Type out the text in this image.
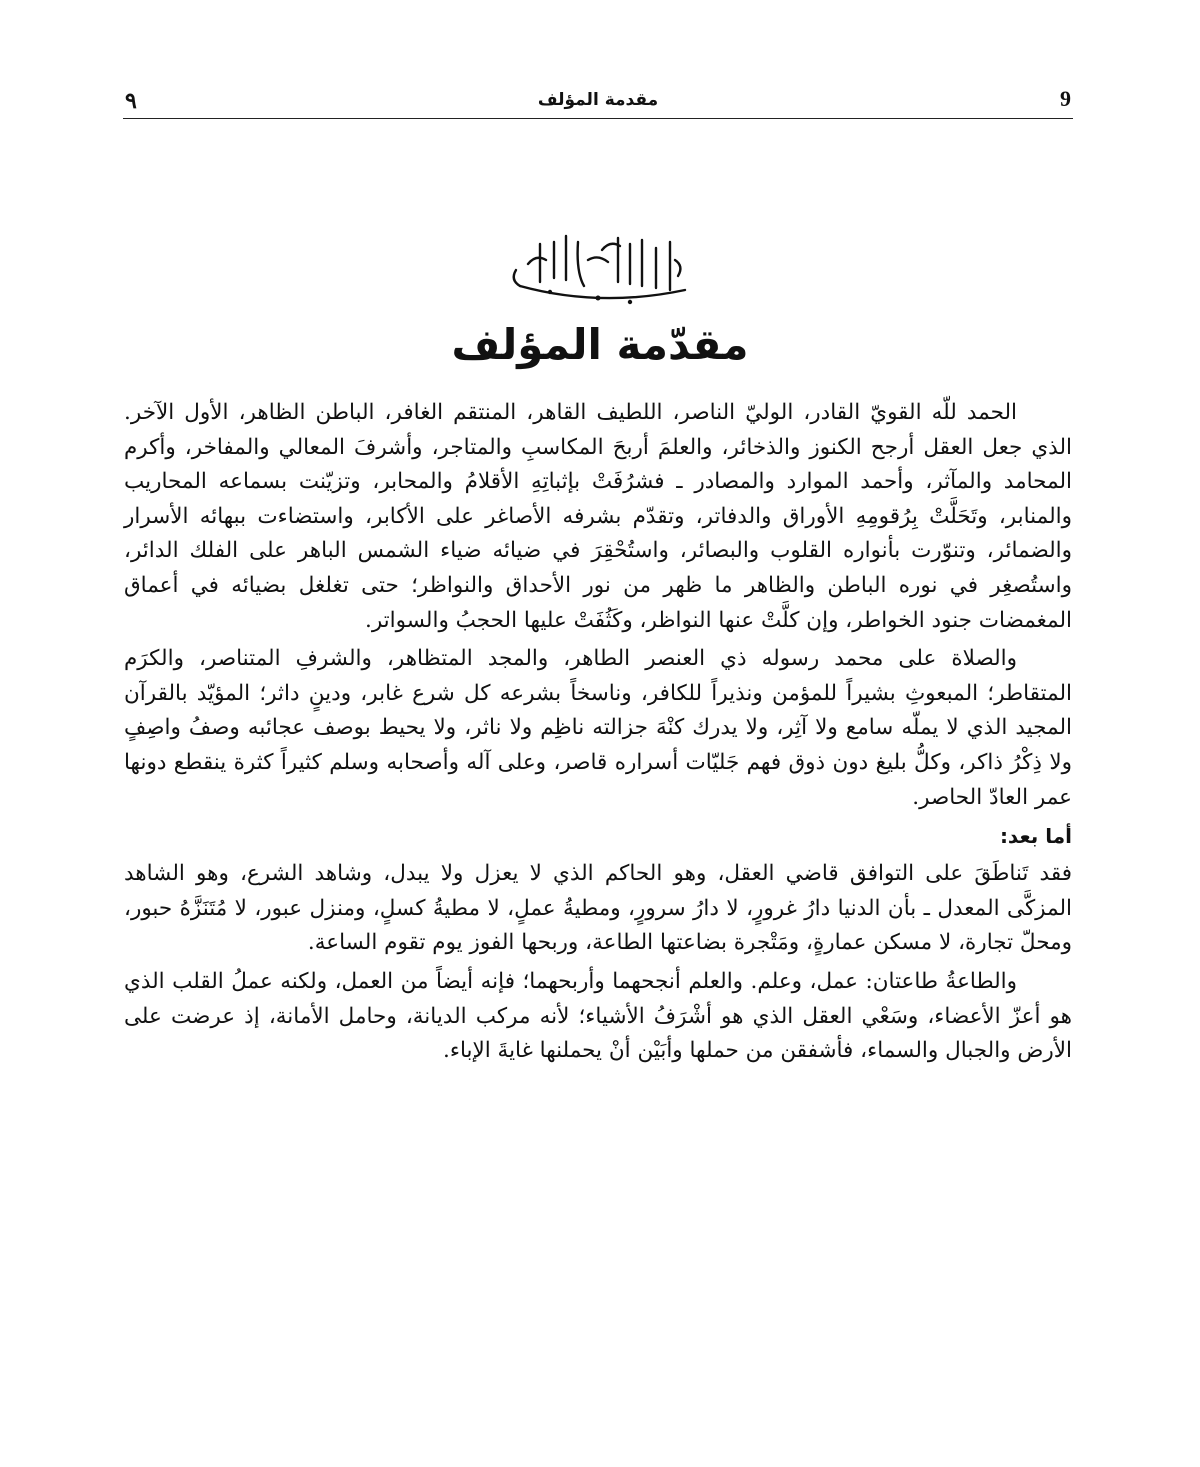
٩	مقدمة المؤلف	9
مقدّمة المؤلف

الحمد للّه القويّ القادر، الوليّ الناصر، اللطيف القاهر، المنتقم الغافر، الباطن الظاهر، الأول الآخر. الذي جعل العقل أرجح الكنوز والذخائر، والعلمَ أربحَ المكاسبِ والمتاجر، وأشرفَ المعالي والمفاخر، وأكرم المحامد والمآثر، وأحمد الموارد والمصادر ـ فشرُفَتْ بإثباتِهِ الأقلامُ والمحابر، وتزيّنت بسماعه المحاريب والمنابر، وتَحَلَّتْ بِرُقومِهِ الأوراق والدفاتر، وتقدّم بشرفه الأصاغر على الأكابر، واستضاءت ببهائه الأسرار والضمائر، وتنوّرت بأنواره القلوب والبصائر، واستُحْقِرَ في ضيائه ضياء الشمس الباهر على الفلك الدائر، واستُصغِر في نوره الباطن والظاهر ما ظهر من نور الأحداق والنواظر؛ حتى تغلغل بضيائه في أعماق المغمضات جنود الخواطر، وإن كلَّتْ عنها النواظر، وكَثُفَتْ عليها الحجبُ والسواتر.

والصلاة على محمد رسوله ذي العنصر الطاهر، والمجد المتظاهر، والشرفِ المتناصر، والكرَم المتقاطر؛ المبعوثِ بشيراً للمؤمن ونذيراً للكافر، وناسخاً بشرعه كل شرع غابر، ودينٍ داثر؛ المؤيّد بالقرآن المجيد الذي لا يملّه سامع ولا آثِر، ولا يدرك كنْهَ جزالته ناظِم ولا ناثر، ولا يحيط بوصف عجائبه وصفُ واصِفٍ ولا ذِكْرُ ذاكر، وكلُّ بليغ دون ذوق فهم جَليّات أسراره قاصر، وعلى آله وأصحابه وسلم كثيراً كثرة ينقطع دونها عمر العادّ الحاصر.

أما بعد:

فقد تَناطَقَ على التوافق قاضي العقل، وهو الحاكم الذي لا يعزل ولا يبدل، وشاهد الشرع، وهو الشاهد المزكَّى المعدل ـ بأن الدنيا دارُ غرورٍ، لا دارُ سرورٍ، ومطيةُ عملٍ، لا مطيةُ كسلٍ، ومنزل عبور، لا مُتَنَزَّهُ حبور، ومحلّ تجارة، لا مسكن عمارةٍ، ومَتْجرة بضاعتها الطاعة، وربحها الفوز يوم تقوم الساعة.

والطاعةُ طاعتان: عمل، وعلم. والعلم أنجحهما وأربحهما؛ فإنه أيضاً من العمل، ولكنه عملُ القلب الذي هو أعزّ الأعضاء، وسَعْي العقل الذي هو أشْرَفُ الأشياء؛ لأنه مركب الديانة، وحامل الأمانة، إذ عرضت على الأرض والجبال والسماء، فأشفقن من حملها وأبَيْن أنْ يحملنها غايةَ الإباء.
